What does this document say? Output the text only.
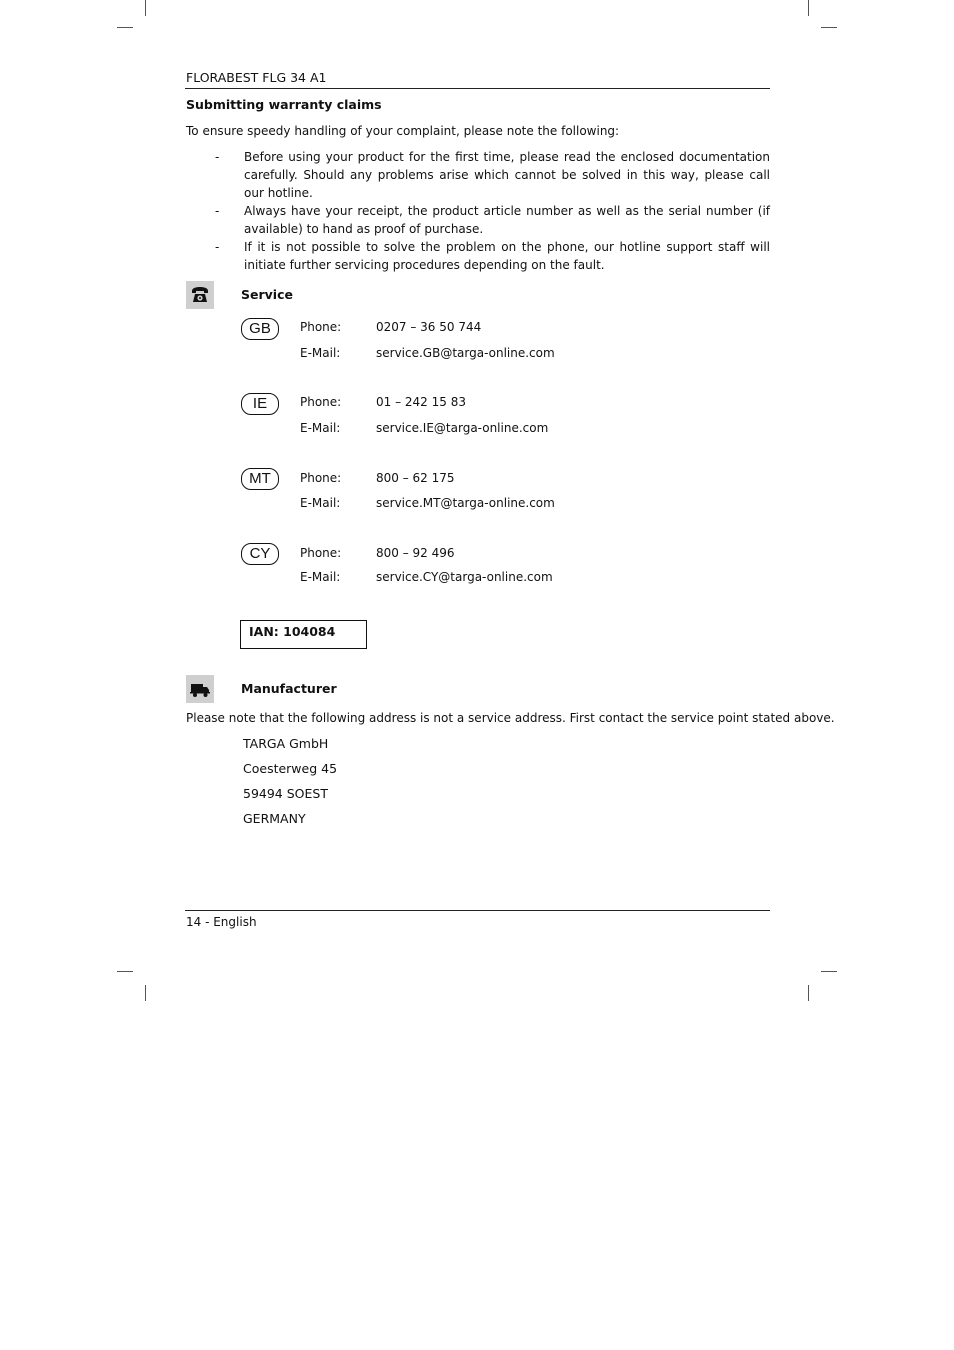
FLORABEST FLG 34 A1
Submitting warranty claims
To ensure speedy handling of your complaint, please note the following:

- Before using your product for the first time, please read the enclosed documentation carefully. Should any problems arise which cannot be solved in this way, please call our hotline.

- Always have your receipt, the product article number as well as the serial number (if available) to hand as proof of purchase.

- If it is not possible to solve the problem on the phone, our hotline support staff will initiate further servicing procedures depending on the fault.

Service
GB	Phone:	0207 – 36 50 744
E-Mail:	service.GB@targa-online.com
IE	Phone:	01 – 242 15 83
E-Mail:	service.IE@targa-online.com
MT	Phone:	800 – 62 175
E-Mail:	service.MT@targa-online.com
CY	Phone:	800 – 92 496
E-Mail:	service.CY@targa-online.com
IAN: 104084
Manufacturer
Please note that the following address is not a service address. First contact the service point stated above.
TARGA GmbH
Coesterweg 45
59494 SOEST
GERMANY
14 - English
